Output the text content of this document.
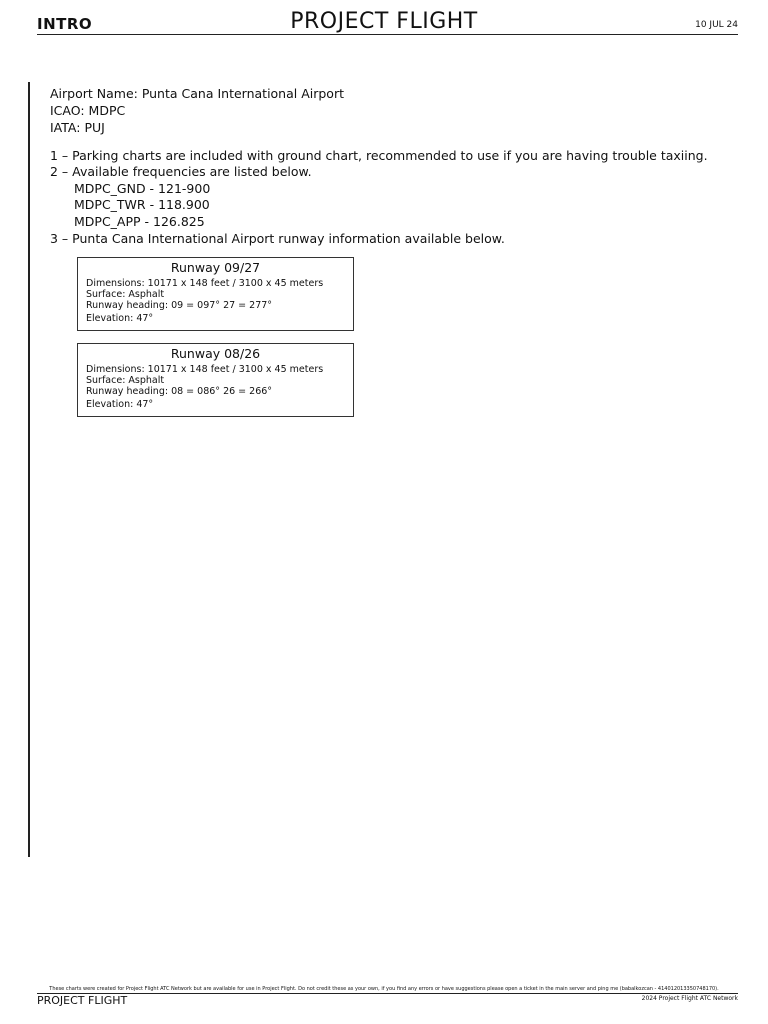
INTRO	PROJECT FLIGHT	10 JUL 24
Airport Name: Punta Cana International Airport
ICAO: MDPC
IATA: PUJ
1 – Parking charts are included with ground chart, recommended to use if you are having trouble taxiing.
2 – Available frequencies are listed below.
MDPC_GND - 121-900
MDPC_TWR - 118.900
MDPC_APP - 126.825
3 – Punta Cana International Airport runway information available below.
Runway 09/27
Dimensions: 10171 x 148 feet / 3100 x 45 meters
Surface: Asphalt
Runway heading: 09 = 097° 27 = 277°
Elevation: 47°
Runway 08/26
Dimensions: 10171 x 148 feet / 3100 x 45 meters
Surface: Asphalt
Runway heading: 08 = 086° 26 = 266°
Elevation: 47°
These charts were created for Project Flight ATC Network but are available for use in Project Flight. Do not credit these as your own, if you find any errors or have suggestions please open a ticket in the main server and ping me (babalkozcan - 414012013350748170).
PROJECT FLIGHT	2024 Project Flight ATC Network
